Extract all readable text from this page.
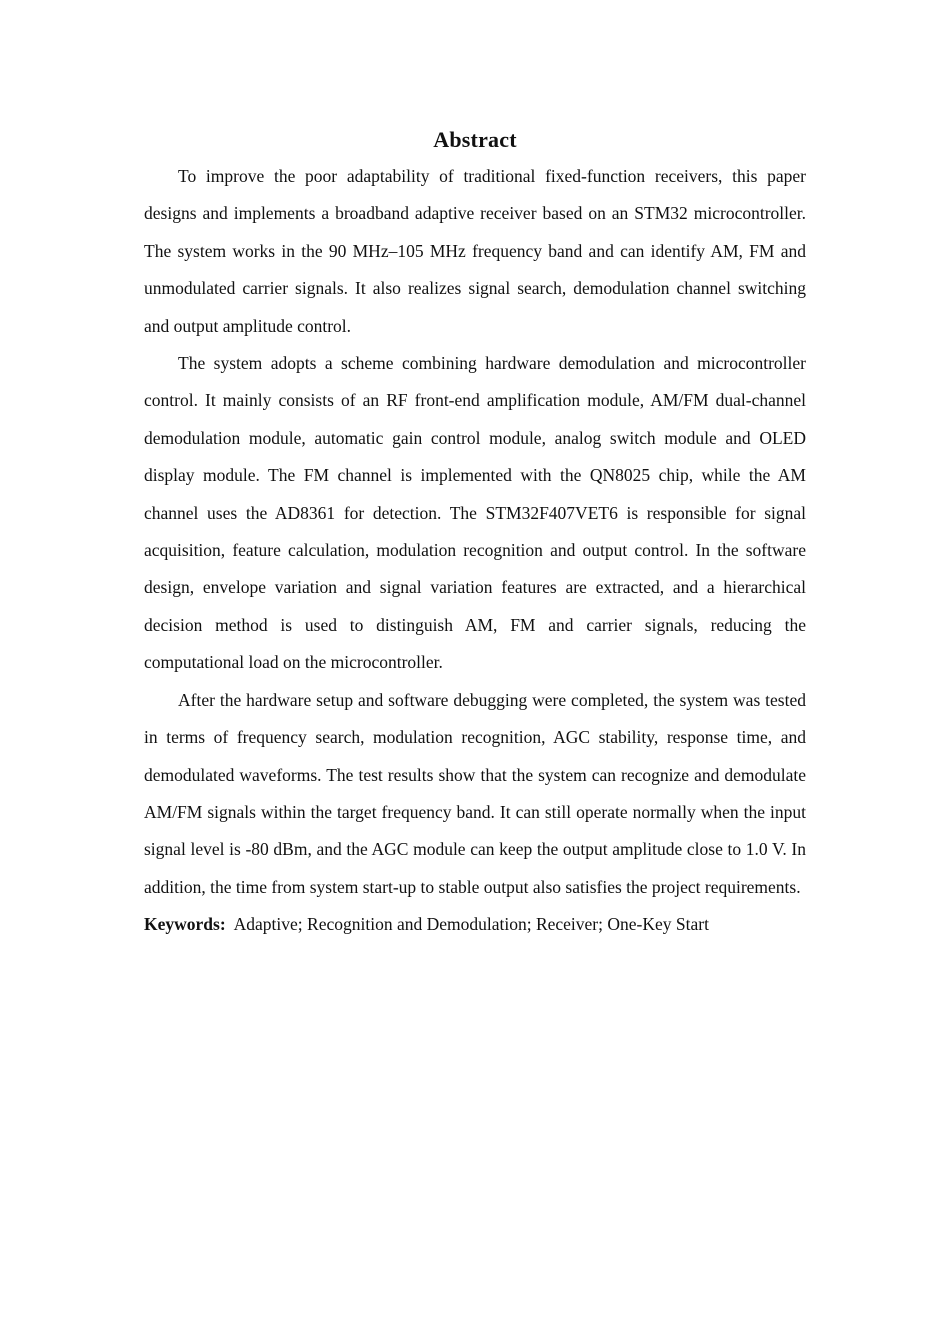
Abstract

To improve the poor adaptability of traditional fixed-function receivers, this paper designs and implements a broadband adaptive receiver based on an STM32 microcontroller. The system works in the 90 MHz–105 MHz frequency band and can identify AM, FM and unmodulated carrier signals. It also realizes signal search, demodulation channel switching and output amplitude control.

The system adopts a scheme combining hardware demodulation and microcontroller control. It mainly consists of an RF front-end amplification module, AM/FM dual-channel demodulation module, automatic gain control module, analog switch module and OLED display module. The FM channel is implemented with the QN8025 chip, while the AM channel uses the AD8361 for detection. The STM32F407VET6 is responsible for signal acquisition, feature calculation, modulation recognition and output control. In the software design, envelope variation and signal variation features are extracted, and a hierarchical decision method is used to distinguish AM, FM and carrier signals, reducing the computational load on the microcontroller.

After the hardware setup and software debugging were completed, the system was tested in terms of frequency search, modulation recognition, AGC stability, response time, and demodulated waveforms. The test results show that the system can recognize and demodulate AM/FM signals within the target frequency band. It can still operate normally when the input signal level is -80 dBm, and the AGC module can keep the output amplitude close to 1.0 V. In addition, the time from system start-up to stable output also satisfies the project requirements.

Keywords: Adaptive; Recognition and Demodulation; Receiver; One-Key Start
